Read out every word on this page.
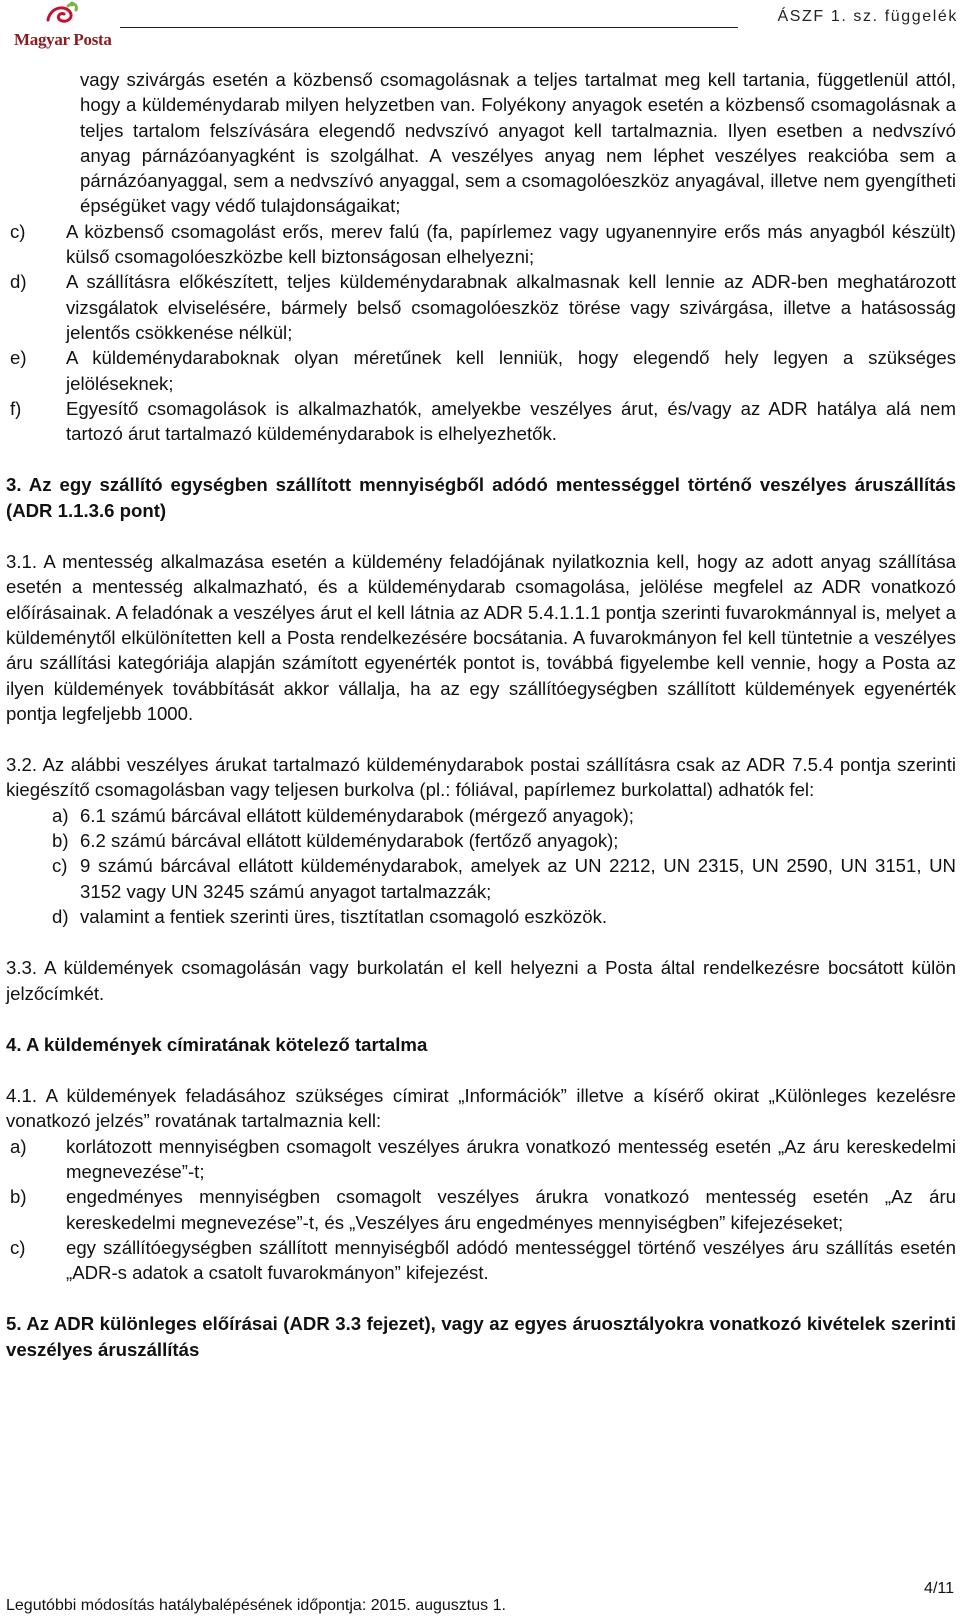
Magyar Posta
ÁSZF 1. sz. függelék

vagy szivárgás esetén a közbenső csomagolásnak a teljes tartalmat meg kell tartania, függetlenül attól, hogy a küldeménydarab milyen helyzetben van. Folyékony anyagok esetén a közbenső csomagolásnak a teljes tartalom felszívására elegendő nedvszívó anyagot kell tartalmaznia. Ilyen esetben a nedvszívó anyag párnázóanyagként is szolgálhat. A veszélyes anyag nem léphet veszélyes reakcióba sem a párnázóanyaggal, sem a nedvszívó anyaggal, sem a csomagolóeszköz anyagával, illetve nem gyengítheti épségüket vagy védő tulajdonságaikat;

c)	A közbenső csomagolást erős, merev falú (fa, papírlemez vagy ugyanennyire erős más anyagból készült) külső csomagolóeszközbe kell biztonságosan elhelyezni;
d)	A szállításra előkészített, teljes küldeménydarabnak alkalmasnak kell lennie az ADR-ben meghatározott vizsgálatok elviselésére, bármely belső csomagolóeszköz törése vagy szivárgása, illetve a hatásosság jelentős csökkenése nélkül;
e)	A küldeménydaraboknak olyan méretűnek kell lenniük, hogy elegendő hely legyen a szükséges jelöléseknek;
f)	Egyesítő csomagolások is alkalmazhatók, amelyekbe veszélyes árut, és/vagy az ADR hatálya alá nem tartozó árut tartalmazó küldeménydarabok is elhelyezhetők.

3. Az egy szállító egységben szállított mennyiségből adódó mentességgel történő veszélyes áruszállítás (ADR 1.1.3.6 pont)

3.1. A mentesség alkalmazása esetén a küldemény feladójának nyilatkoznia kell, hogy az adott anyag szállítása esetén a mentesség alkalmazható, és a küldeménydarab csomagolása, jelölése megfelel az ADR vonatkozó előírásainak. A feladónak a veszélyes árut el kell látnia az ADR 5.4.1.1.1 pontja szerinti fuvarokmánnyal is, melyet a küldeménytől elkülönítetten kell a Posta rendelkezésére bocsátania. A fuvarokmányon fel kell tüntetnie a veszélyes áru szállítási kategóriája alapján számított egyenérték pontot is, továbbá figyelembe kell vennie, hogy a Posta az ilyen küldemények továbbítását akkor vállalja, ha az egy szállítóegységben szállított küldemények egyenérték pontja legfeljebb 1000.

3.2. Az alábbi veszélyes árukat tartalmazó küldeménydarabok postai szállításra csak az ADR 7.5.4 pontja szerinti kiegészítő csomagolásban vagy teljesen burkolva (pl.: fóliával, papírlemez burkolattal) adhatók fel:

a) 6.1 számú bárcával ellátott küldeménydarabok (mérgező anyagok);
b) 6.2 számú bárcával ellátott küldeménydarabok (fertőző anyagok);
c) 9 számú bárcával ellátott küldeménydarabok, amelyek az UN 2212, UN 2315, UN 2590, UN 3151, UN 3152 vagy UN 3245 számú anyagot tartalmazzák;
d) valamint a fentiek szerinti üres, tisztítatlan csomagoló eszközök.

3.3. A küldemények csomagolásán vagy burkolatán el kell helyezni a Posta által rendelkezésre bocsátott külön jelzőcímkét.

4. A küldemények címiratának kötelező tartalma

4.1. A küldemények feladásához szükséges címirat „Információk” illetve a kísérő okirat „Különleges kezelésre vonatkozó jelzés” rovatának tartalmaznia kell:

a)	korlátozott mennyiségben csomagolt veszélyes árukra vonatkozó mentesség esetén „Az áru kereskedelmi megnevezése”-t;
b)	engedményes mennyiségben csomagolt veszélyes árukra vonatkozó mentesség esetén „Az áru kereskedelmi megnevezése”-t, és „Veszélyes áru engedményes mennyiségben” kifejezéseket;
c)	egy szállítóegységben szállított mennyiségből adódó mentességgel történő veszélyes áru szállítás esetén „ADR-s adatok a csatolt fuvarokmányon” kifejezést.

5. Az ADR különleges előírásai (ADR 3.3 fejezet), vagy az egyes áruosztályokra vonatkozó kivételek szerinti veszélyes áruszállítás

4/11
Legutóbbi módosítás hatálybalépésének időpontja: 2015. augusztus 1.
